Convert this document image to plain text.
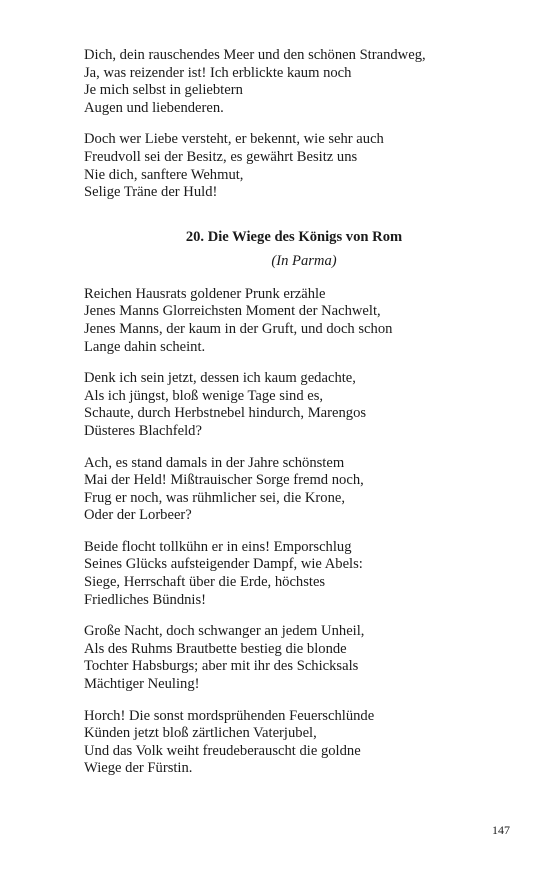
Dich, dein rauschendes Meer und den schönen Strandweg,
Ja, was reizender ist! Ich erblickte kaum noch
Je mich selbst in geliebtern
Augen und liebenderen.
Doch wer Liebe versteht, er bekennt, wie sehr auch
Freudvoll sei der Besitz, es gewährt Besitz uns
Nie dich, sanftere Wehmut,
Selige Träne der Huld!
20. Die Wiege des Königs von Rom
(In Parma)
Reichen Hausrats goldener Prunk erzähle
Jenes Manns Glorreichsten Moment der Nachwelt,
Jenes Manns, der kaum in der Gruft, und doch schon
Lange dahin scheint.
Denk ich sein jetzt, dessen ich kaum gedachte,
Als ich jüngst, bloß wenige Tage sind es,
Schaute, durch Herbstnebel hindurch, Marengos
Düsteres Blachfeld?
Ach, es stand damals in der Jahre schönstem
Mai der Held! Mißtrauischer Sorge fremd noch,
Frug er noch, was rühmlicher sei, die Krone,
Oder der Lorbeer?
Beide flocht tollkühn er in eins! Emporschlug
Seines Glücks aufsteigender Dampf, wie Abels:
Siege, Herrschaft über die Erde, höchstes
Friedliches Bündnis!
Große Nacht, doch schwanger an jedem Unheil,
Als des Ruhms Brautbette bestieg die blonde
Tochter Habsburgs; aber mit ihr des Schicksals
Mächtiger Neuling!
Horch! Die sonst mordsprühenden Feuerschlünde
Künden jetzt bloß zärtlichen Vaterjubel,
Und das Volk weiht freudeberauscht die goldne
Wiege der Fürstin.
147
